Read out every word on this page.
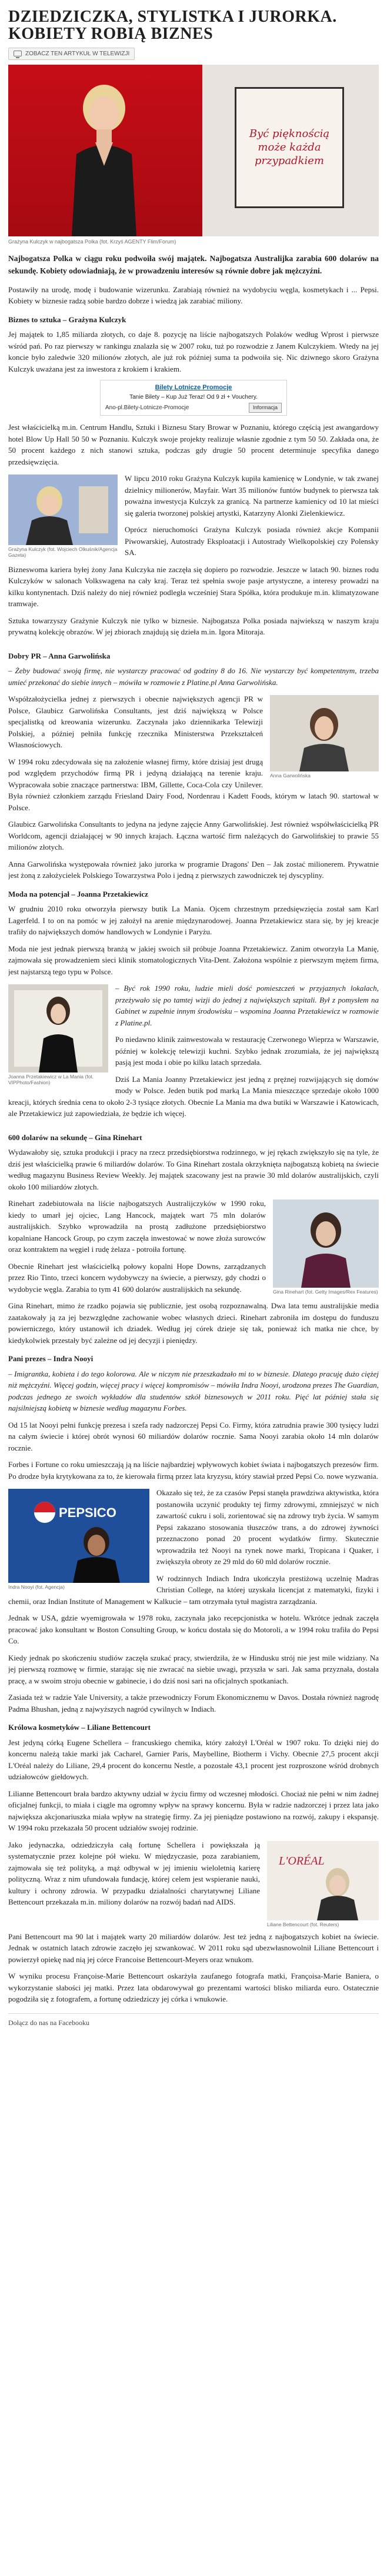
DZIEDZICZKA, STYLISTKA I JURORKA. KOBIETY ROBIĄ BIZNES
ZOBACZ TEN ARTYKUŁ W TELEWIZJI
Być pięknością może każda przypadkiem
Grażyna Kulczyk w najbogatsza Polka (fot. Krzyś AGENTY Flim/Forum)

Najbogatsza Polka w ciągu roku podwoiła swój majątek. Najbogatsza Australijka zarabia 600 dolarów na sekundę. Kobiety odowiadniają, że w prowadzeniu interesów są równie dobre jak mężczyźni.

Postawiły na urodę, modę i budowanie wizerunku. Zarabiają również na wydobyciu węgla, kosmetykach i ... Pepsi. Kobiety w biznesie radzą sobie bardzo dobrze i wiedzą jak zarabiać miliony.

Biznes to sztuka – Grażyna Kulczyk

Jej majątek to 1,85 miliarda złotych, co daje 8. pozycję na liście najbogatszych Polaków według Wprost i pierwsze wśród pań. Po raz pierwszy w rankingu znalazła się w 2007 roku, tuż po rozwodzie z Janem Kulczykiem. Wtedy na jej koncie było zaledwie 320 milionów złotych, ale już rok później suma ta podwoiła się. Nic dziwnego skoro Grażyna Kulczyk uważana jest za inwestora z krokiem i krakiem.

Bilety Lotnicze Promocje
Tanie Bilety – Kup Już Teraz! Od 9 zł + Vouchery.
Ano-pl.Bilety-Lotnicze-Promocje	Informacja

Jest właścicielką m.in. Centrum Handlu, Sztuki i Biznesu Stary Browar w Poznaniu, którego częścią jest awangardowy hotel Blow Up Hall 50 50 w Poznaniu. Kulczyk swoje projekty realizuje własnie zgodnie z tym 50 50. Zakłada ona, że 50 procent każdego z nich stanowi sztuka, podczas gdy drugie 50 procent determinuje specyfika danego przedsięwzięcia.

Grażyna Kulczyk (fot. Wojciech Olkuśnik/Agencja Gazeta)

W lipcu 2010 roku Grażyna Kulczyk kupiła kamienicę w Londynie, w tak zwanej dzielnicy milionerów, Mayfair. Wart 35 milionów funtów budynek to pierwsza tak poważna inwestycja Kulczyk za granicą. Na partnerze kamienicy od 10 lat mieści się galeria tworzonej polskiej artystki, Katarzyny Alonki Zielenkiewicz.

Oprócz nieruchomości Grażyna Kulczyk posiada również akcje Kompanii Piwowarskiej, Autostrady Eksploatacji i Autostrady Wielkopolskiej czy Polensky SA.

Bizneswoma kariera byłej żony Jana Kulczyka nie zaczęła się dopiero po rozwodzie. Jeszcze w latach 90. biznes rodu Kulczyków w salonach Volkswagena na cały kraj. Teraz też spełnia swoje pasje artystyczne, a interesy prowadzi na kilku kontynentach. Dziś należy do niej również podległa wcześniej Stara Spółka, która produkuje m.in. klimatyzowane tramwaje.

Sztuka towarzyszy Grażynie Kulczyk nie tylko w biznesie. Najbogatsza Polka posiada najwiekszą w naszym kraju prywatną kolekcję obrazów. W jej zbiorach znajdują się dzieła m.in. Igora Mitoraja.

Dobry PR – Anna Garwolińska

– Żeby budować swoją firmę, nie wystarczy pracować od godziny 8 do 16. Nie wystarczy być kompetentnym, trzeba umieć przekonać do siebie innych – mówiła w rozmowie z Platine.pl Anna Garwolińska.

Anna Garwolińska

Współzałożycielka jednej z pierwszych i obecnie największych agencji PR w Polsce, Glaubicz Garwolińska Consultants, jest dziś największą w Polsce specjalistką od kreowania wizerunku. Zaczynała jako dziennikarka Telewizji Polskiej, a później pełniła funkcję rzecznika Ministerstwa Przekształceń Własnościowych.

W 1994 roku zdecydowała się na założenie własnej firmy, które dzisiaj jest drugą pod względem przychodów firmą PR i jedyną działającą na terenie kraju. Wypracowała sobie znaczące partnerstwa: IBM, Gillette, Coca-Cola czy Unilever. Była również członkiem zarządu Friesland Dairy Food, Nordenrau i Kadett Foods, którym w latach 90. startował w Polsce.

Glaubicz Garwolińska Consultants to jedyna na jedyne zajęcie Anny Garwolińskiej. Jest również współwłaścicielką PR Worldcom, agencji działającej w 90 innych krajach. Łączna wartość firm należących do Garwolińskiej to prawie 55 milionów złotych.

Anna Garwolińska występowała również jako jurorka w programie Dragons' Den – Jak zostać milionerem. Prywatnie jest żoną z założycielek Polskiego Towarzystwa Polo i jedną z pierwszych zawodniczek tej dyscypliny.

Moda na potencjał – Joanna Przetakiewicz

W grudniu 2010 roku otworzyła pierwszy butik La Mania. Ojcem chrzestnym przedsięwzięcia został sam Karl Lagerfeld. I to on na pomóc w jej założył na arenie międzynarodowej. Joanna Przetakiewicz stara się, by jej kreacje trafiły do największych domów handlowych w Londynie i Paryżu.

Moda nie jest jednak pierwszą branżą w jakiej swoich sił próbuje Joanna Przetakiewicz. Zanim otworzyła La Manię, zajmowała się prowadzeniem sieci klinik stomatologicznych Vita-Dent. Założona wspólnie z pierwszym mężem firma, jest najstarszą tego typu w Polsce.

Joanna Przetakiewicz w La Mania (fot. VIPPhoto/Fashion)

– Być rok 1990 roku, ludzie mieli dość pomieszczeń w przyjaznych lokalach, przeżywało się po tamtej wizji do jednej z największych szpitali. Był z pomysłem na Gabinet w zupełnie innym środowisku – wspomina Joanna Przetakiewicz w rozmowie z Platine.pl.

Po niedawno klinik zainwestowała w restaurację Czerwonego Wieprza w Warszawie, później w kolekcję telewizji kuchni. Szybko jednak zrozumiała, że jej największą pasją jest moda i obie po kilku latach sprzedała.

Dziś La Mania Joanny Przetakiewicz jest jedną z prężnej rozwijających się domów mody w Polsce. Jeden butik pod marką La Mania mieszczące sprzedaje około 1000 kreacji, których średnia cena to około 2-3 tysiące złotych. Obecnie La Mania ma dwa butiki w Warszawie i Katowicach, ale Przetakiewicz już zapowiedziała, że będzie ich więcej.

600 dolarów na sekundę – Gina Rinehart

Wydawałoby się, sztuka produkcji i pracy na rzecz przedsiębiorstwa rodzinnego, w jej rękach zwiększyło się na tyle, że dziś jest właścicielką prawie 6 miliardów dolarów. To Gina Rinehart zostala okrzyknięta najbogatszą kobietą na świecie według magazynu Business Review Weekly. Jej majątek szacowany jest na prawie 30 mld dolarów australijskich, czyli około 100 miliardów złotych.

Gina Rinehart (fot. Getty Images/Rex Features)

Rinehart zadebiutowała na liście najbogatszych Australijczyków w 1990 roku, kiedy to umarł jej ojciec, Lang Hancock, majątek wart 75 mln dolarów australijskich. Szybko wprowadziła na prostą zadłużone przedsiębiorstwo kopalniane Hancock Group, po czym zaczęła inwestować w nowe złoża surowców oraz kontraktem na węgiel i rudę żelaza - potroiła fortunę.

Obecnie Rinehart jest właścicielką połowy kopalni Hope Downs, zarządzanych przez Rio Tinto, trzeci koncern wydobywczy na świecie, a pierwszy, gdy chodzi o wydobycie węgla. Zarabia to tym 41 600 dolarów australijskich na sekundę.

Gina Rinehart, mimo że rzadko pojawia się publicznie, jest osobą rozpoznawalną. Dwa lata temu australijskie media zaatakowały ją za jej bezwzględne zachowanie wobec własnych dzieci. Rinehart zabroniła im dostępu do funduszu powierniczego, który ustanowił ich dziadek. Według jej córek dzieje się tak, ponieważ ich matka nie chce, by kiedykolwiek przestały być zależne od jej decyzji i pieniędzy.

Pani prezes – Indra Nooyi

– Imigrantka, kobieta i do tego kolorowa. Ale w niczym nie przeszkadzało mi to w biznesie. Dlatego pracuję dużo ciężej niż mężczyźni. Więcej godzin, więcej pracy i więcej kompromisów – mówiła Indra Nooyi, urodzona prezes The Guardian, podczas jednego ze swoich wykładów dla studentów szkół biznesowych w 2011 roku. Pięć lat później stała się najsilniejszą kobietą w biznesie według magazynu Forbes.

Od 15 lat Nooyi pełni funkcję prezesa i szefa rady nadzorczej Pepsi Co. Firmy, która zatrudnia prawie 300 tysięcy ludzi na całym świecie i której obrót wynosi 60 miliardów dolarów rocznie. Sama Nooyi zarabia około 14 mln dolarów rocznie.

Forbes i Fortune co roku umieszczają ją na liście najbardziej wpływowych kobiet świata i najbogatszych prezesów firm. Po drodze była krytykowana za to, że kierowała firmą przez lata kryzysu, który stawiał przed Pepsi Co. nowe wyzwania.

PEPSICO
Indra Nooyi (fot. Agencja)

Okazało się też, że za czasów Pepsi stanęła prawdziwa aktywistka, która postanowiła uczynić produkty tej firmy zdrowymi, zmniejszyć w nich zawartość cukru i soli, zorientować się na zdrowy tryb życia. W samym Pepsi zakazano stosowania tłuszczów trans, a do zdrowej żywności przeznaczono ponad 20 procent wydatków firmy. Skutecznie wprowadziła też Nooyi na rynek nowe marki, Tropicana i Quaker, i zwiększyła obroty ze 29 mld do 60 mld dolarów rocznie.

W rodzinnych Indiach Indra ukończyła prestiżową uczelnię Madras Christian College, na której uzyskała licencjat z matematyki, fizyki i chemii, oraz Indian Institute of Management w Kalkucie – tam otrzymała tytuł magistra zarządzania.

Jednak w USA, gdzie wyemigrowała w 1978 roku, zaczynała jako recepcjonistka w hotelu. Wkrótce jednak zaczęła pracować jako konsultant w Boston Consulting Group, w końcu dostała się do Motoroli, a w 1994 roku trafiła do Pepsi Co.

Kiedy jednak po skończeniu studiów zaczęła szukać pracy, stwierdziła, że w Hindusku strój nie jest mile widziany. Na jej pierwszą rozmowę w firmie, starając się nie zwracać na siebie uwagi, przyszła w sari. Jak sama przyznała, dostała pracę, a w swoim stroju obecnie w gabinecie, i do dziś nosi sari na oficjalnych spotkaniach.

Zasiada też w radzie Yale University, a także przewodniczy Forum Ekonomicznemu w Davos. Dostała również nagrodę Padma Bhushan, jedną z najwyższych nagród cywilnych w Indiach.

Królowa kosmetyków – Liliane Bettencourt

Jest jedyną córką Eugene Schellera – francuskiego chemika, który założył L'Oréal w 1907 roku. To dzięki niej do koncernu należą takie marki jak Cacharel, Garnier Paris, Maybelline, Biotherm i Vichy. Obecnie 27,5 procent akcji L'Oréal należy do Liliane, 29,4 procent do koncernu Nestle, a pozostałe 43,1 procent jest rozproszone wśród drobnych udziałowców giełdowych.

Lilianne Bettencourt brała bardzo aktywny udział w życiu firmy od wczesnej młodości. Chociaż nie pełni w nim żadnej oficjalnej funkcji, to miała i ciągle ma ogromny wpływ na sprawy koncernu. Była w radzie nadzorczej i przez lata jako największa akcjonariuszka miała wpływ na strategię firmy. Za jej pieniądze postawiono na rozwój, zakupy i ekspansję. W 1994 roku przekazała 50 procent udziałów swojej rodzinie.

L'ORÉAL
Liliane Bettencourt (fot. Reuters)

Jako jedynaczka, odziedziczyła całą fortunę Schellera i powiększała ją systematycznie przez kolejne pół wieku. W międzyczasie, poza zarabianiem, zajmowała się też polityką, a mąż odbywał w jej imieniu wieloletnią karierę polityczną. Wraz z nim ufundowała fundację, której celem jest wspieranie nauki, kultury i ochrony zdrowia. W przypadku działalności charytatywnej Liliane Bettencourt przekazała m.in. miliony dolarów na rozwój badań nad AIDS.

Pani Bettencourt ma 90 lat i majątek warty 20 miliardów dolarów. Jest też jedną z najbogatszych kobiet na świecie. Jednak w ostatnich latach zdrowie zaczęło jej szwankować. W 2011 roku sąd ubezwłasnowolnił Liliane Bettencourt i powierzył opiekę nad nią jej córce Francoise Bettencourt-Meyers oraz wnukom.

W wyniku procesu Françoise-Marie Bettencourt oskarżyła zaufanego fotografa matki, Françoisa-Marie Baniera, o wykorzystanie słabości jej matki. Przez lata obdarowywał go prezentami wartości blisko miliarda euro. Ostatecznie pogodziła się z fotografem, a fortunę odziedziczy jej córka i wnukowie.

Dołącz do nas na Facebooku
